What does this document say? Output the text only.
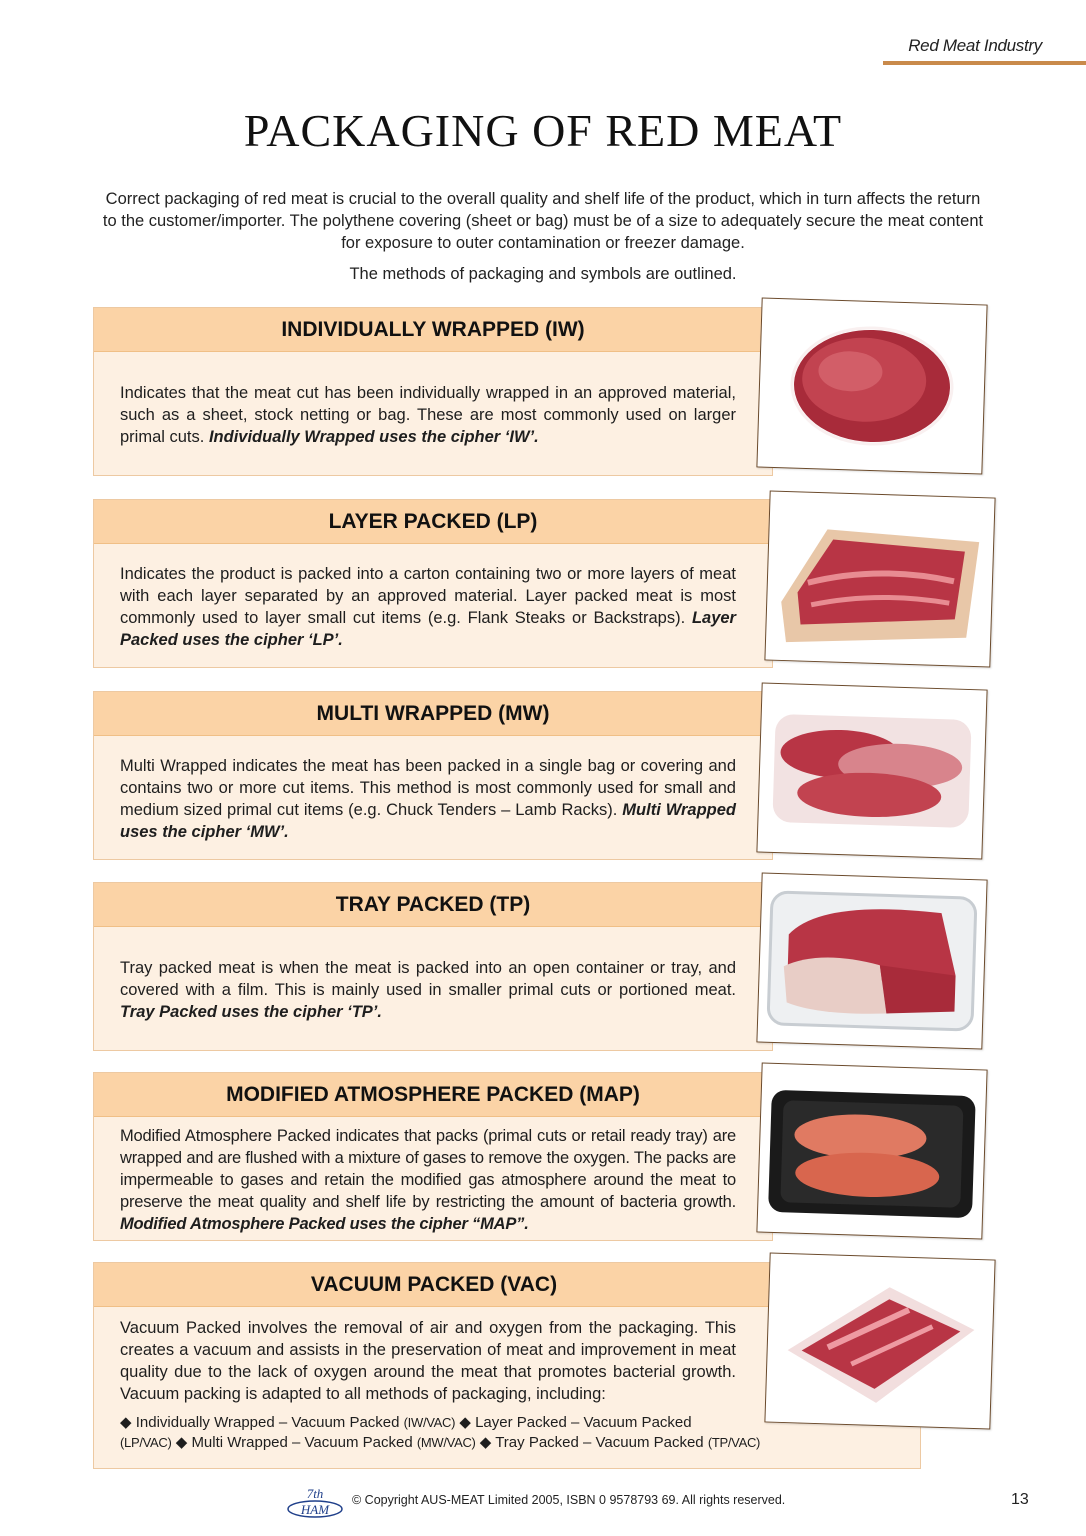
Red Meat Industry
PACKAGING OF RED MEAT

Correct packaging of red meat is crucial to the overall quality and shelf life of the product, which in turn affects the return to the customer/importer. The polythene covering (sheet or bag) must be of a size to adequately secure the meat content for exposure to outer contamination or freezer damage.

The methods of packaging and symbols are outlined.

INDIVIDUALLY WRAPPED (IW)
Indicates that the meat cut has been individually wrapped in an approved material, such as a sheet, stock netting or bag. These are most commonly used on larger primal cuts. Individually Wrapped uses the cipher ‘IW’.
LAYER PACKED (LP)
Indicates the product is packed into a carton containing two or more layers of meat with each layer separated by an approved material. Layer packed meat is most commonly used to layer small cut items (e.g. Flank Steaks or Backstraps). Layer Packed uses the cipher ‘LP’.
MULTI WRAPPED (MW)
Multi Wrapped indicates the meat has been packed in a single bag or covering and contains two or more cut items. This method is most commonly used for small and medium sized primal cut items (e.g. Chuck Tenders – Lamb Racks). Multi Wrapped uses the cipher ‘MW’.
TRAY PACKED (TP)
Tray packed meat is when the meat is packed into an open container or tray, and covered with a film. This is mainly used in smaller primal cuts or portioned meat. Tray Packed uses the cipher ‘TP’.
MODIFIED ATMOSPHERE PACKED (MAP)
Modified Atmosphere Packed indicates that packs (primal cuts or retail ready tray) are wrapped and are flushed with a mixture of gases to remove the oxygen. The packs are impermeable to gases and retain the modified gas atmosphere around the meat to preserve the meat quality and shelf life by restricting the amount of bacteria growth. Modified Atmosphere Packed uses the cipher “MAP”.
VACUUM PACKED (VAC)
Vacuum Packed involves the removal of air and oxygen from the packaging. This creates a vacuum and assists in the preservation of meat and improvement in meat quality due to the lack of oxygen around the meat that promotes bacterial growth. Vacuum packing is adapted to all methods of packaging, including:
◆ Individually Wrapped – Vacuum Packed (IW/VAC) ◆ Layer Packed – Vacuum Packed
(LP/VAC) ◆ Multi Wrapped – Vacuum Packed (MW/VAC) ◆ Tray Packed – Vacuum Packed (TP/VAC)
7th
HAM
© Copyright AUS-MEAT Limited 2005, ISBN 0 9578793 69. All rights reserved.	13
